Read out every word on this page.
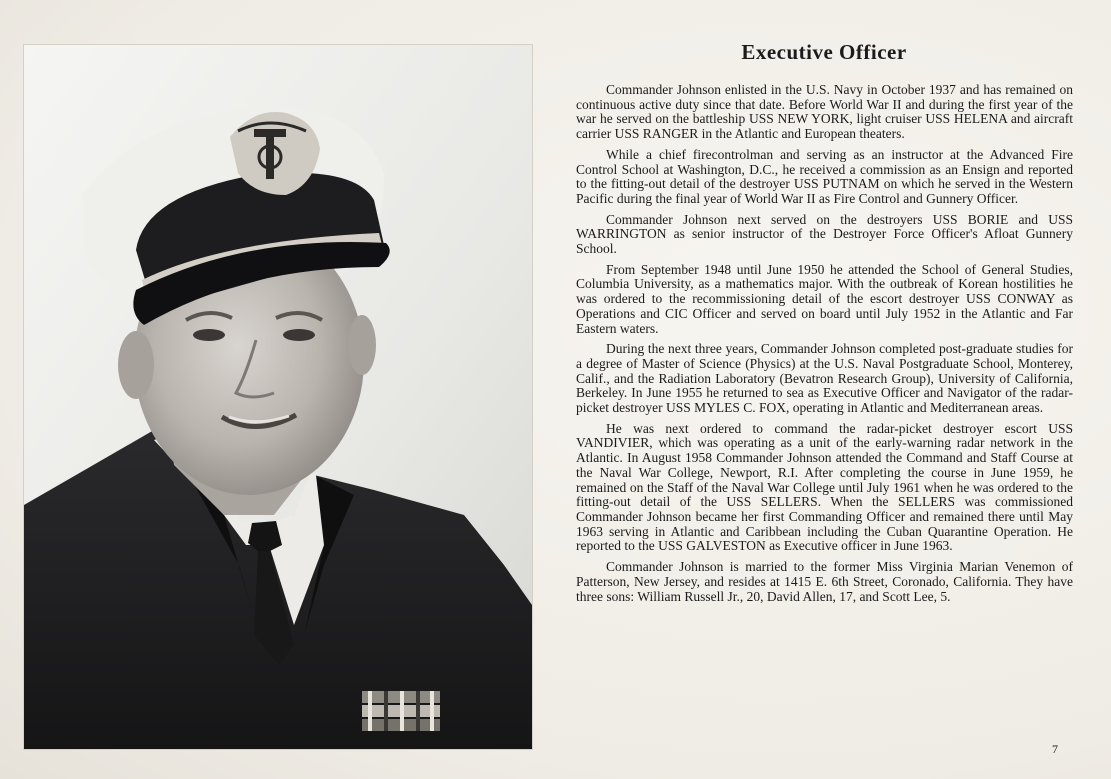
Executive Officer

Commander Johnson enlisted in the U.S. Navy in October 1937 and has remained on continuous active duty since that date. Before World War II and during the first year of the war he served on the battleship USS NEW YORK, light cruiser USS HELENA and aircraft carrier USS RANGER in the Atlantic and European theaters.

While a chief firecontrolman and serving as an instructor at the Advanced Fire Control School at Washington, D.C., he received a commission as an Ensign and reported to the fitting-out detail of the destroyer USS PUTNAM on which he served in the Western Pacific during the final year of World War II as Fire Control and Gunnery Officer.

Commander Johnson next served on the destroyers USS BORIE and USS WARRINGTON as senior instructor of the Destroyer Force Officer's Afloat Gunnery School.

From September 1948 until June 1950 he attended the School of General Studies, Columbia University, as a mathematics major. With the outbreak of Korean hostilities he was ordered to the recommissioning detail of the escort destroyer USS CONWAY as Operations and CIC Officer and served on board until July 1952 in the Atlantic and Far Eastern waters.

During the next three years, Commander Johnson completed post-graduate studies for a degree of Master of Science (Physics) at the U.S. Naval Postgraduate School, Monterey, Calif., and the Radiation Laboratory (Bevatron Research Group), University of California, Berkeley. In June 1955 he returned to sea as Executive Officer and Navigator of the radar-picket destroyer USS MYLES C. FOX, operating in Atlantic and Mediterranean areas.

He was next ordered to command the radar-picket destroyer escort USS VANDIVIER, which was operating as a unit of the early-warning radar network in the Atlantic. In August 1958 Commander Johnson attended the Command and Staff Course at the Naval War College, Newport, R.I. After completing the course in June 1959, he remained on the Staff of the Naval War College until July 1961 when he was ordered to the fitting-out detail of the USS SELLERS. When the SELLERS was commissioned Commander Johnson became her first Commanding Officer and remained there until May 1963 serving in Atlantic and Caribbean including the Cuban Quarantine Operation. He reported to the USS GALVESTON as Executive officer in June 1963.

Commander Johnson is married to the former Miss Virginia Marian Venemon of Patterson, New Jersey, and resides at 1415 E. 6th Street, Coronado, California. They have three sons: William Russell Jr., 20, David Allen, 17, and Scott Lee, 5.

7
